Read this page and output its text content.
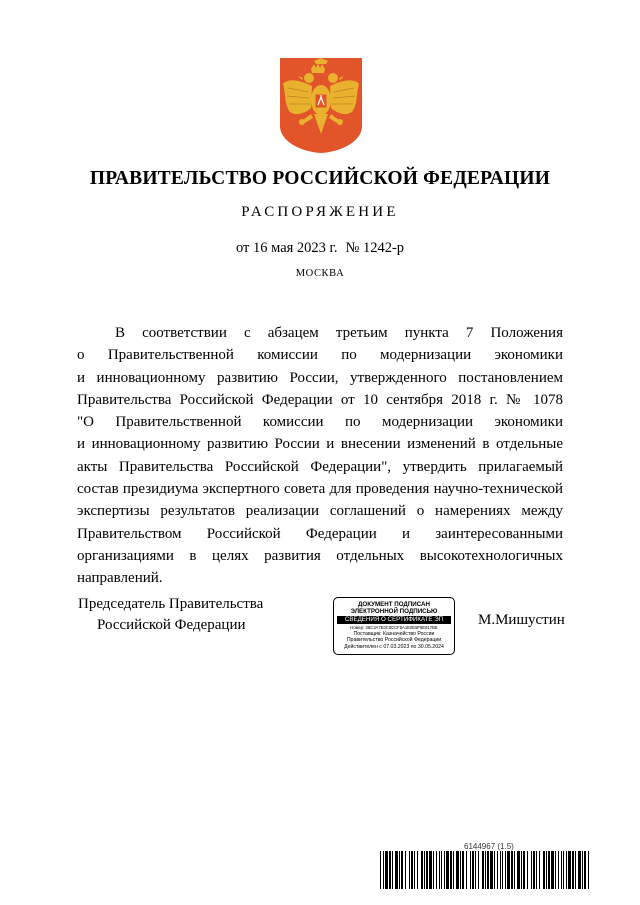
ПРАВИТЕЛЬСТВО РОССИЙСКОЙ ФЕДЕРАЦИИ
РАСПОРЯЖЕНИЕ
от 16 мая 2023 г. № 1242-р
МОСКВА
В соответствии с абзацем третьим пункта 7 Положения
о Правительственной комиссии по модернизации экономики
и инновационному развитию России, утвержденного постановлением
Правительства Российской Федерации от 10 сентября 2018 г. № 1078
"О Правительственной комиссии по модернизации экономики
и инновационному развитию России и внесении изменений в отдельные
акты Правительства Российской Федерации", утвердить прилагаемый
состав президиума экспертного совета для проведения научно-технической
экспертизы результатов реализации соглашений о намерениях между
Правительством Российской Федерации и заинтересованными
организациями в целях развития отдельных высокотехнологичных
направлений.
Председатель Правительства
Российской Федерации
ДОКУМЕНТ ПОДПИСАН
ЭЛЕКТРОННОЙ ПОДПИСЬЮ
СВЕДЕНИЯ О СЕРТИФИКАТЕ ЭП
Номер: 36C3A7E0C0CCF5A1E0E8F9E817BE
Поставщик: Казначейство России
Правительство Российской Федерации
Действителен с 07.03.2023 по 30.05.2024
М.Мишустин
6144967 (1.5)
